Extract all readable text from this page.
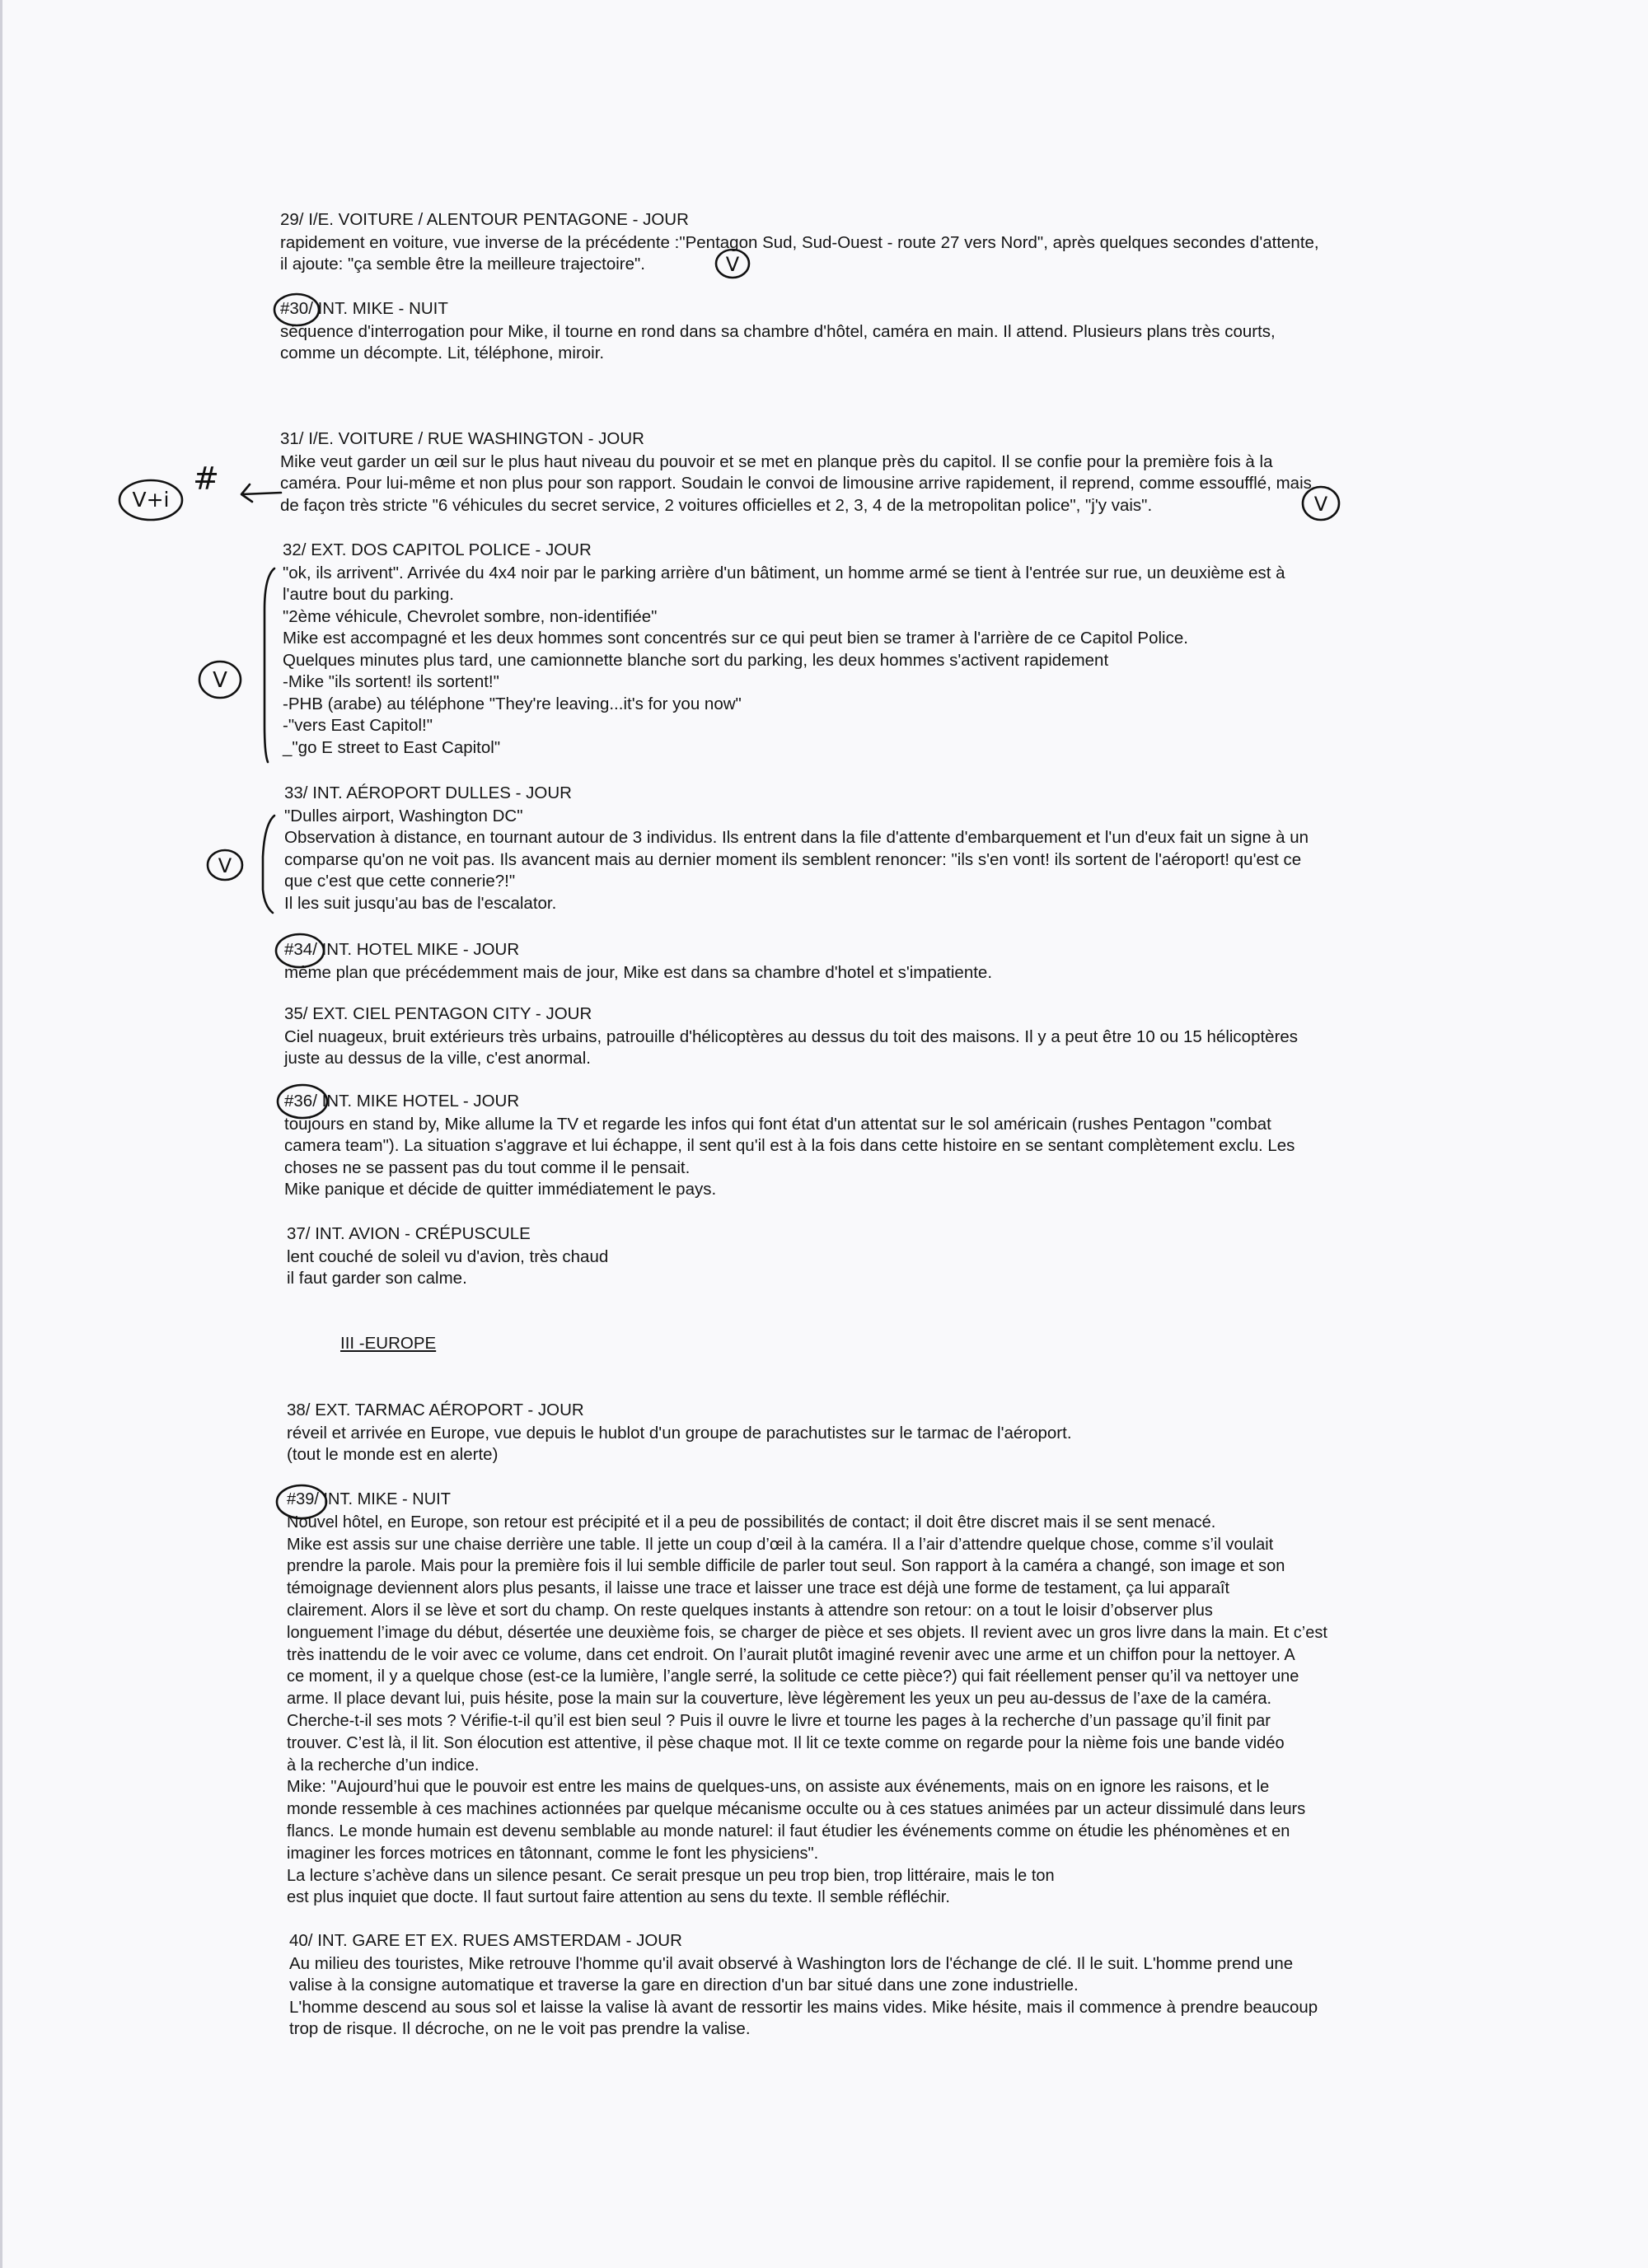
29/ I/E. VOITURE / ALENTOUR PENTAGONE - JOUR

rapidement en voiture, vue inverse de la précédente :"Pentagon Sud, Sud-Ouest - route 27 vers Nord", après quelques secondes d'attente,

il ajoute: "ça semble être la meilleure trajectoire".

#30/ INT. MIKE - NUIT

séquence d'interrogation pour Mike, il tourne en rond dans sa chambre d'hôtel, caméra en main. Il attend. Plusieurs plans très courts,

comme un décompte. Lit, téléphone, miroir.

31/ I/E. VOITURE / RUE WASHINGTON - JOUR

Mike veut garder un œil sur le plus haut niveau du pouvoir et se met en planque près du capitol. Il se confie pour la première fois à la

caméra. Pour lui-même et non plus pour son rapport. Soudain le convoi de limousine arrive rapidement, il reprend, comme essoufflé, mais

de façon très stricte "6 véhicules du secret service, 2 voitures officielles et 2, 3, 4 de la metropolitan police", "j'y vais".

32/ EXT. DOS CAPITOL POLICE - JOUR

"ok, ils arrivent". Arrivée du 4x4 noir par le parking arrière d'un bâtiment, un homme armé se tient à l'entrée sur rue, un deuxième est à

l'autre bout du parking.

"2ème véhicule, Chevrolet sombre, non-identifiée"

Mike est accompagné et les deux hommes sont concentrés sur ce qui peut bien se tramer à l'arrière de ce Capitol Police.

Quelques minutes plus tard, une camionnette blanche sort du parking, les deux hommes s'activent rapidement

-Mike "ils sortent! ils sortent!"

-PHB (arabe) au téléphone "They're leaving...it's for you now"

-"vers East Capitol!"

_"go E street to East Capitol"

33/ INT. AÉROPORT DULLES - JOUR

"Dulles airport, Washington DC"

Observation à distance, en tournant autour de 3 individus. Ils entrent dans la file d'attente d'embarquement et l'un d'eux fait un signe à un

comparse qu'on ne voit pas. Ils avancent mais au dernier moment ils semblent renoncer: "ils s'en vont! ils sortent de l'aéroport! qu'est ce

que c'est que cette connerie?!"

Il les suit jusqu'au bas de l'escalator.

#34/ INT. HOTEL MIKE - JOUR

même plan que précédemment mais de jour, Mike est dans sa chambre d'hotel et s'impatiente.

35/ EXT. CIEL PENTAGON CITY - JOUR

Ciel nuageux, bruit extérieurs très urbains, patrouille d'hélicoptères au dessus du toit des maisons. Il y a peut être 10 ou 15 hélicoptères

juste au dessus de la ville, c'est anormal.

#36/ INT. MIKE HOTEL - JOUR

toujours en stand by, Mike allume la TV et regarde les infos qui font état d'un attentat sur le sol américain (rushes Pentagon "combat

camera team"). La situation s'aggrave et lui échappe, il sent qu'il est à la fois dans cette histoire en se sentant complètement exclu. Les

choses ne se passent pas du tout comme il le pensait.

Mike panique et décide de quitter immédiatement le pays.

37/ INT. AVION - CRÉPUSCULE

lent couché de soleil vu d'avion, très chaud

il faut garder son calme.

III -EUROPE

38/ EXT. TARMAC AÉROPORT - JOUR

réveil et arrivée en Europe, vue depuis le hublot d'un groupe de parachutistes sur le tarmac de l'aéroport.

(tout le monde est en alerte)

#39/ INT. MIKE - NUIT

Nouvel hôtel, en Europe, son retour est précipité et il a peu de possibilités de contact; il doit être discret mais il se sent menacé.

Mike est assis sur une chaise derrière une table. Il jette un coup d’œil à la caméra. Il a l’air d’attendre quelque chose, comme s’il voulait

prendre la parole. Mais pour la première fois il lui semble difficile de parler tout seul. Son rapport à la caméra a changé, son image et son

témoignage deviennent alors plus pesants, il laisse une trace et laisser une trace est déjà une forme de testament, ça lui apparaît

clairement. Alors il se lève et sort du champ. On reste quelques instants à attendre son retour: on a tout le loisir d’observer plus

longuement l’image du début, désertée une deuxième fois, se charger de pièce et ses objets. Il revient avec un gros livre dans la main. Et c’est

très inattendu de le voir avec ce volume, dans cet endroit. On l’aurait plutôt imaginé revenir avec une arme et un chiffon pour la nettoyer. A

ce moment, il y a quelque chose (est-ce la lumière, l’angle serré, la solitude ce cette pièce?) qui fait réellement penser qu’il va nettoyer une

arme. Il place devant lui, puis hésite, pose la main sur la couverture, lève légèrement les yeux un peu au-dessus de l’axe de la caméra.

Cherche-t-il ses mots ? Vérifie-t-il qu’il est bien seul ? Puis il ouvre le livre et tourne les pages à la recherche d’un passage qu’il finit par

trouver. C’est là, il lit. Son élocution est attentive, il pèse chaque mot. Il lit ce texte comme on regarde pour la nième fois une bande vidéo

à la recherche d’un indice.

Mike: "Aujourd’hui que le pouvoir est entre les mains de quelques-uns, on assiste aux événements, mais on en ignore les raisons, et le

monde ressemble à ces machines actionnées par quelque mécanisme occulte ou à ces statues animées par un acteur dissimulé dans leurs

flancs. Le monde humain est devenu semblable au monde naturel: il faut étudier les événements comme on étudie les phénomènes et en

imaginer les forces motrices en tâtonnant, comme le font les physiciens".

La lecture s’achève dans un silence pesant. Ce serait presque un peu trop bien, trop littéraire, mais le ton

est plus inquiet que docte. Il faut surtout faire attention au sens du texte. Il semble réfléchir.

40/ INT. GARE ET EX. RUES AMSTERDAM - JOUR

Au milieu des touristes, Mike retrouve l'homme qu'il avait observé à Washington lors de l'échange de clé. Il le suit. L'homme prend une

valise à la consigne automatique et traverse la gare en direction d'un bar situé dans une zone industrielle.

L'homme descend au sous sol et laisse la valise là avant de ressortir les mains vides. Mike hésite, mais il commence à prendre beaucoup

trop de risque. Il décroche, on ne le voit pas prendre la valise.

V
V+i
#
V
V
V
